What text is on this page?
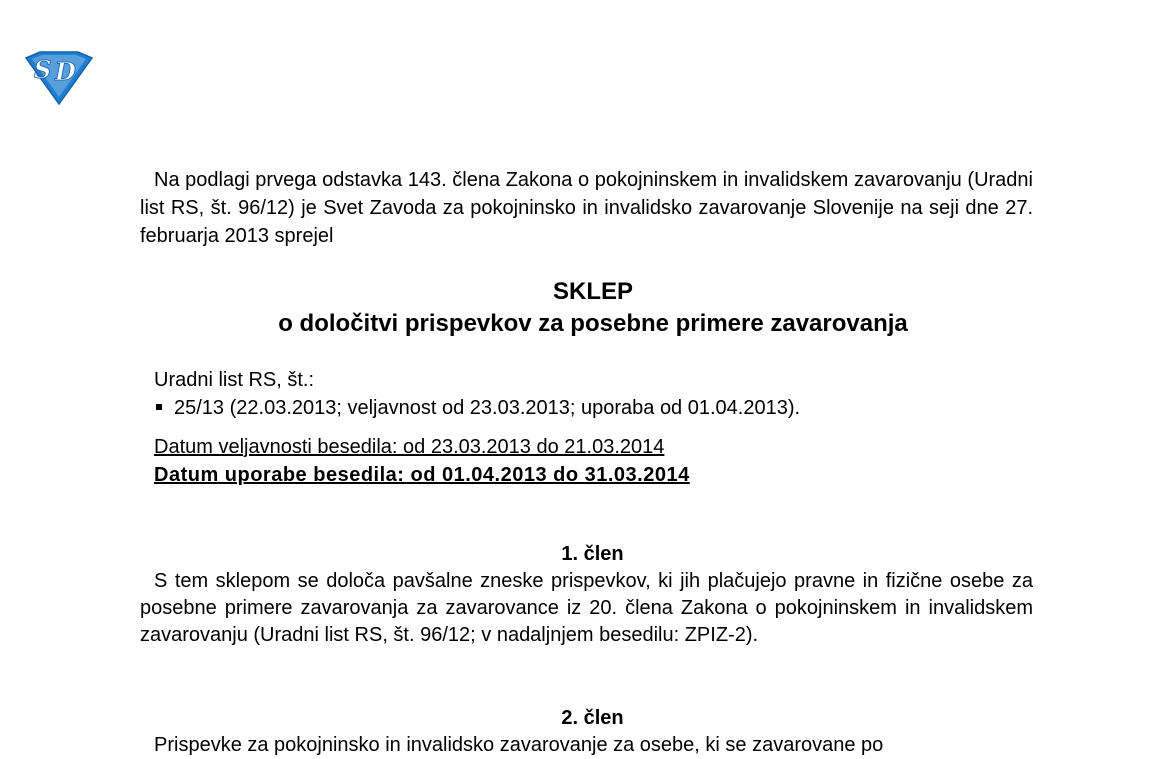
S D

Na podlagi prvega odstavka 143. člena Zakona o pokojninskem in invalidskem zavarovanju (Uradni list RS, št. 96/12) je Svet Zavoda za pokojninsko in invalidsko zavarovanje Slovenije na seji dne 27. februarja 2013 sprejel

SKLEP

o določitvi prispevkov za posebne primere zavarovanja

Uradni list RS, št.:
25/13 (22.03.2013; veljavnost od 23.03.2013; uporaba od 01.04.2013).
Datum veljavnosti besedila: od 23.03.2013 do 21.03.2014
Datum uporabe besedila: od 01.04.2013 do 31.03.2014

1. člen

S tem sklepom se določa pavšalne zneske prispevkov, ki jih plačujejo pravne in fizične osebe za posebne primere zavarovanja za zavarovance iz 20. člena Zakona o pokojninskem in invalidskem zavarovanju (Uradni list RS, št. 96/12; v nadaljnjem besedilu: ZPIZ-2).

2. člen

Prispevke za pokojninsko in invalidsko zavarovanje za osebe, ki se zavarovane po
